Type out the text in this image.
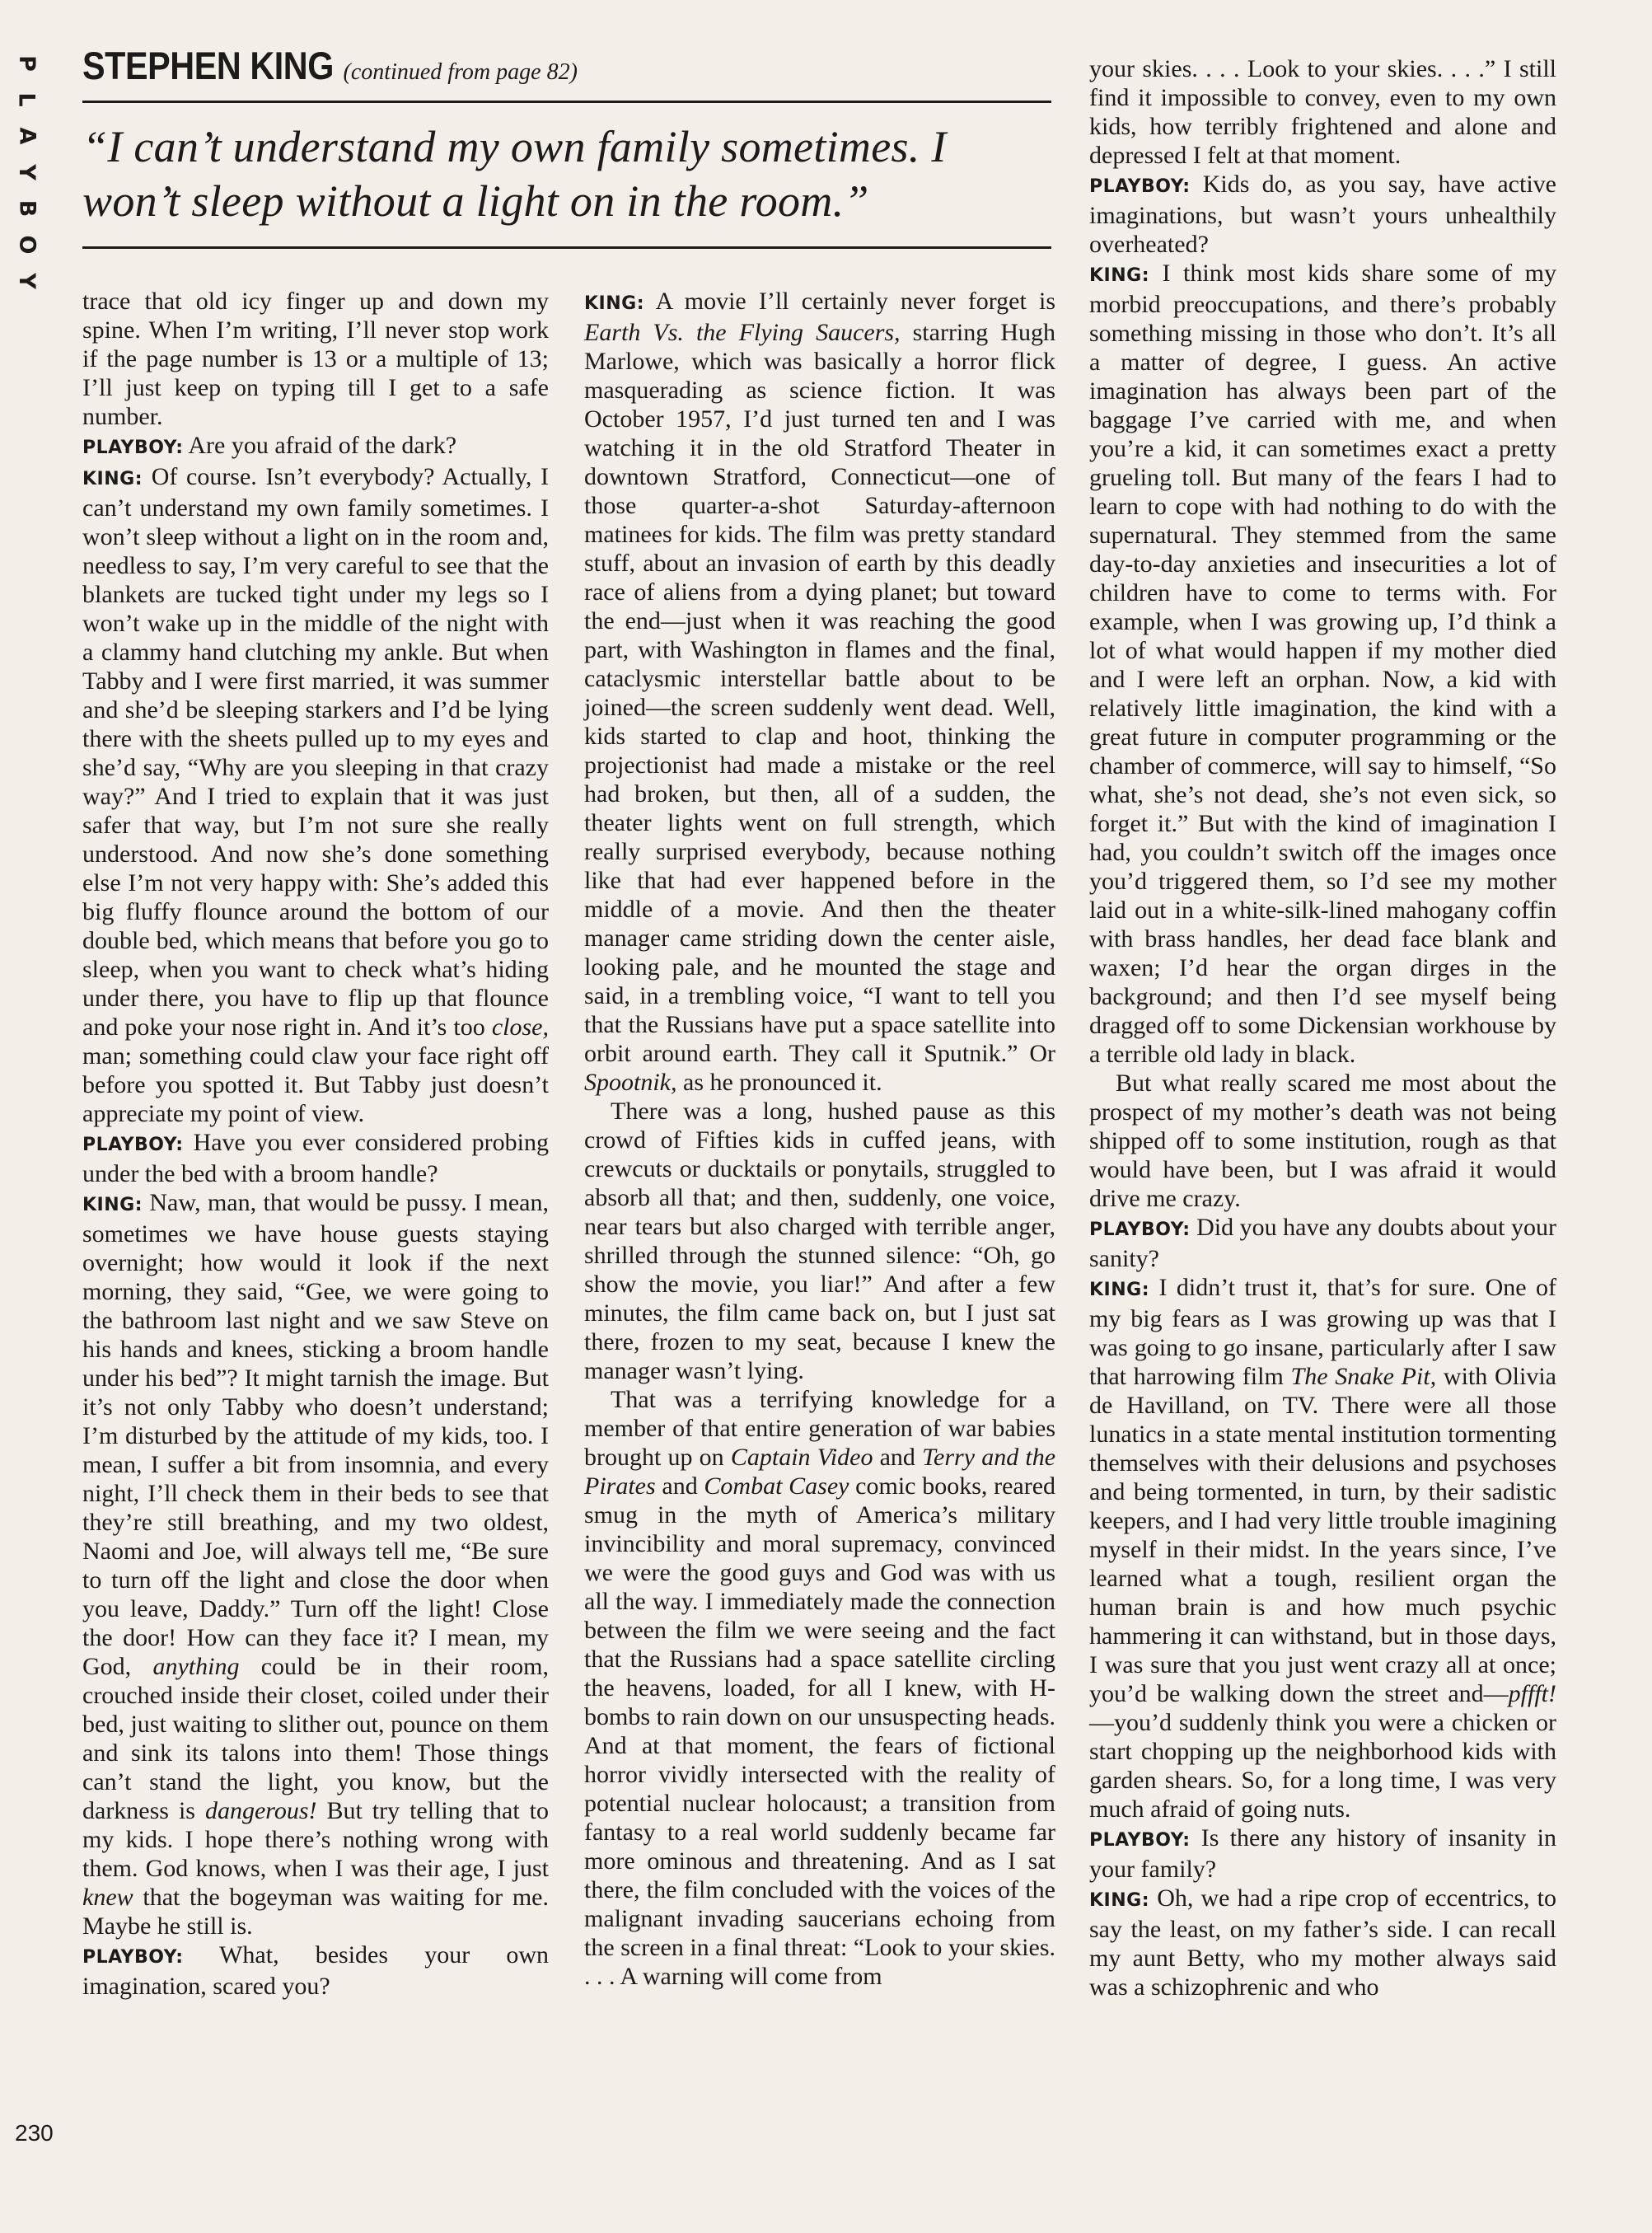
P
L
A
Y
B
O
Y
STEPHEN KING (continued from page 82)
“I can’t understand my own family sometimes. I won’t sleep without a light on in the room.”

trace that old icy finger up and down my spine. When I’m writing, I’ll never stop work if the page number is 13 or a multiple of 13; I’ll just keep on typing till I get to a safe number.

PLAYBOY: Are you afraid of the dark?

KING: Of course. Isn’t everybody? Actually, I can’t understand my own family sometimes. I won’t sleep without a light on in the room and, needless to say, I’m very careful to see that the blankets are tucked tight under my legs so I won’t wake up in the middle of the night with a clammy hand clutching my ankle. But when Tabby and I were first married, it was summer and she’d be sleeping starkers and I’d be lying there with the sheets pulled up to my eyes and she’d say, “Why are you sleeping in that crazy way?” And I tried to explain that it was just safer that way, but I’m not sure she really understood. And now she’s done something else I’m not very happy with: She’s added this big fluffy flounce around the bottom of our double bed, which means that before you go to sleep, when you want to check what’s hiding under there, you have to flip up that flounce and poke your nose right in. And it’s too close, man; something could claw your face right off before you spotted it. But Tabby just doesn’t appreciate my point of view.

PLAYBOY: Have you ever considered probing under the bed with a broom handle?

KING: Naw, man, that would be pussy. I mean, sometimes we have house guests staying overnight; how would it look if the next morning, they said, “Gee, we were going to the bathroom last night and we saw Steve on his hands and knees, sticking a broom handle under his bed”? It might tarnish the image. But it’s not only Tabby who doesn’t understand; I’m disturbed by the attitude of my kids, too. I mean, I suffer a bit from insomnia, and every night, I’ll check them in their beds to see that they’re still breathing, and my two oldest, Naomi and Joe, will always tell me, “Be sure to turn off the light and close the door when you leave, Daddy.” Turn off the light! Close the door! How can they face it? I mean, my God, anything could be in their room, crouched inside their closet, coiled under their bed, just waiting to slither out, pounce on them and sink its talons into them! Those things can’t stand the light, you know, but the darkness is dangerous! But try telling that to my kids. I hope there’s nothing wrong with them. God knows, when I was their age, I just knew that the bogeyman was waiting for me. Maybe he still is.

PLAYBOY: What, besides your own imagination, scared you?

KING: A movie I’ll certainly never forget is Earth Vs. the Flying Saucers, starring Hugh Marlowe, which was basically a horror flick masquerading as science fiction. It was October 1957, I’d just turned ten and I was watching it in the old Stratford Theater in downtown Stratford, Connecticut—one of those quarter-a-shot Saturday-afternoon matinees for kids. The film was pretty standard stuff, about an invasion of earth by this deadly race of aliens from a dying planet; but toward the end—just when it was reaching the good part, with Washington in flames and the final, cataclysmic interstellar battle about to be joined—the screen suddenly went dead. Well, kids started to clap and hoot, thinking the projectionist had made a mistake or the reel had broken, but then, all of a sudden, the theater lights went on full strength, which really surprised everybody, because nothing like that had ever happened before in the middle of a movie. And then the theater manager came striding down the center aisle, looking pale, and he mounted the stage and said, in a trembling voice, “I want to tell you that the Russians have put a space satellite into orbit around earth. They call it Sputnik.” Or Spootnik, as he pronounced it.

There was a long, hushed pause as this crowd of Fifties kids in cuffed jeans, with crewcuts or ducktails or ponytails, struggled to absorb all that; and then, suddenly, one voice, near tears but also charged with terrible anger, shrilled through the stunned silence: “Oh, go show the movie, you liar!” And after a few minutes, the film came back on, but I just sat there, frozen to my seat, because I knew the manager wasn’t lying.

That was a terrifying knowledge for a member of that entire generation of war babies brought up on Captain Video and Terry and the Pirates and Combat Casey comic books, reared smug in the myth of America’s military invincibility and moral supremacy, convinced we were the good guys and God was with us all the way. I immediately made the connection between the film we were seeing and the fact that the Russians had a space satellite circling the heavens, loaded, for all I knew, with H-bombs to rain down on our unsuspecting heads. And at that moment, the fears of fictional horror vividly intersected with the reality of potential nuclear holocaust; a transition from fantasy to a real world suddenly became far more ominous and threatening. And as I sat there, the film concluded with the voices of the malignant invading saucerians echoing from the screen in a final threat: “Look to your skies. . . . A warning will come from

your skies. . . . Look to your skies. . . .” I still find it impossible to convey, even to my own kids, how terribly frightened and alone and depressed I felt at that moment.

PLAYBOY: Kids do, as you say, have active imaginations, but wasn’t yours unhealthily overheated?

KING: I think most kids share some of my morbid preoccupations, and there’s probably something missing in those who don’t. It’s all a matter of degree, I guess. An active imagination has always been part of the baggage I’ve carried with me, and when you’re a kid, it can sometimes exact a pretty grueling toll. But many of the fears I had to learn to cope with had nothing to do with the supernatural. They stemmed from the same day-to-day anxieties and insecurities a lot of children have to come to terms with. For example, when I was growing up, I’d think a lot of what would happen if my mother died and I were left an orphan. Now, a kid with relatively little imagination, the kind with a great future in computer programming or the chamber of commerce, will say to himself, “So what, she’s not dead, she’s not even sick, so forget it.” But with the kind of imagination I had, you couldn’t switch off the images once you’d triggered them, so I’d see my mother laid out in a white-silk-lined mahogany coffin with brass handles, her dead face blank and waxen; I’d hear the organ dirges in the background; and then I’d see myself being dragged off to some Dickensian workhouse by a terrible old lady in black.

But what really scared me most about the prospect of my mother’s death was not being shipped off to some institution, rough as that would have been, but I was afraid it would drive me crazy.

PLAYBOY: Did you have any doubts about your sanity?

KING: I didn’t trust it, that’s for sure. One of my big fears as I was growing up was that I was going to go insane, particularly after I saw that harrowing film The Snake Pit, with Olivia de Havilland, on TV. There were all those lunatics in a state mental institution tormenting themselves with their delusions and psychoses and being tormented, in turn, by their sadistic keepers, and I had very little trouble imagining myself in their midst. In the years since, I’ve learned what a tough, resilient organ the human brain is and how much psychic hammering it can withstand, but in those days, I was sure that you just went crazy all at once; you’d be walking down the street and—pffft!—you’d suddenly think you were a chicken or start chopping up the neighborhood kids with garden shears. So, for a long time, I was very much afraid of going nuts.

PLAYBOY: Is there any history of insanity in your family?

KING: Oh, we had a ripe crop of eccentrics, to say the least, on my father’s side. I can recall my aunt Betty, who my mother always said was a schizophrenic and who

230
